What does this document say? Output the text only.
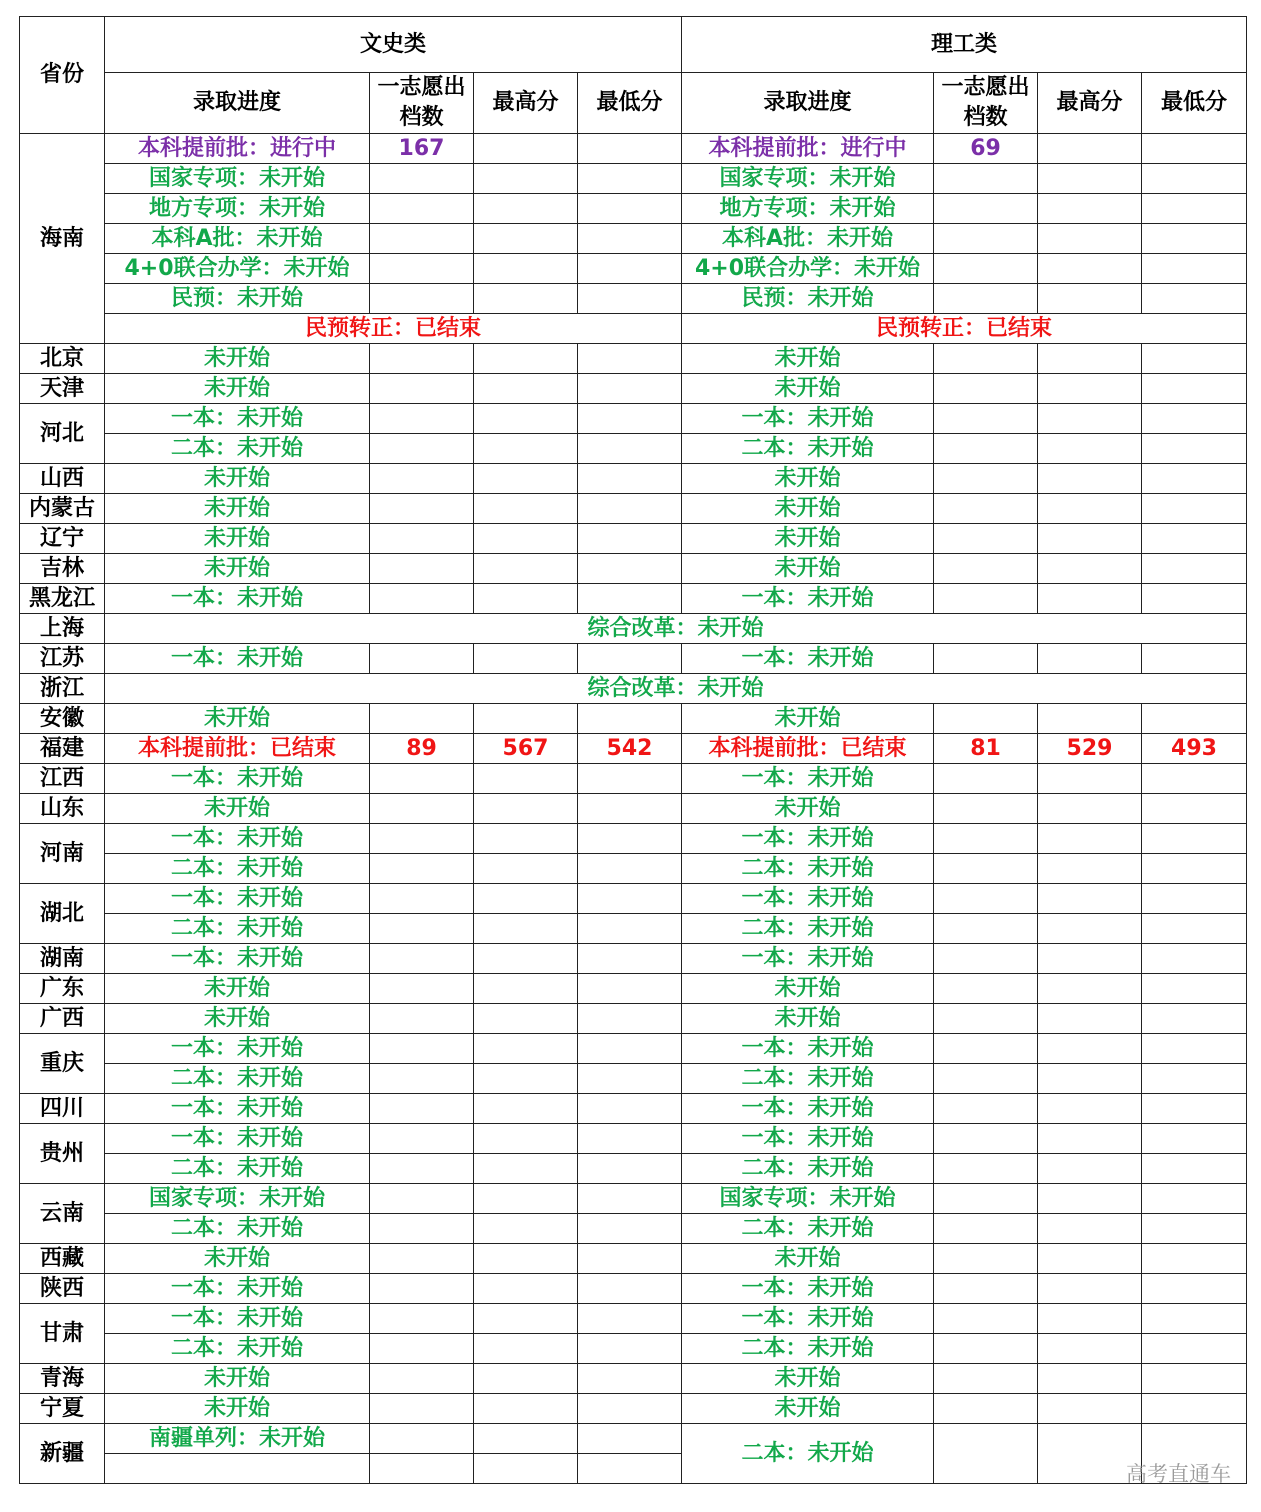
省份	文史类				理工类			
	录取进度	一志愿出档数	最高分	最低分	录取进度	一志愿出档数	最高分	最低分
海南	本科提前批：进行中	167			本科提前批：进行中	69		
	国家专项：未开始				国家专项：未开始			
	地方专项：未开始				地方专项：未开始			
	本科A批：未开始				本科A批：未开始			
	4+0联合办学：未开始				4+0联合办学：未开始			
	民预：未开始				民预：未开始			
	民预转正：已结束				民预转正：已结束			
北京	未开始				未开始			
天津	未开始				未开始			
河北	一本：未开始				一本：未开始			
	二本：未开始				二本：未开始			
山西	未开始				未开始			
内蒙古	未开始				未开始			
辽宁	未开始				未开始			
吉林	未开始				未开始			
黑龙江	一本：未开始				一本：未开始			
上海	综合改革：未开始							
江苏	一本：未开始				一本：未开始			
浙江	综合改革：未开始							
安徽	未开始				未开始			
福建	本科提前批：已结束	89	567	542	本科提前批：已结束	81	529	493
江西	一本：未开始				一本：未开始			
山东	未开始				未开始			
河南	一本：未开始				一本：未开始			
	二本：未开始				二本：未开始			
湖北	一本：未开始				一本：未开始			
	二本：未开始				二本：未开始			
湖南	一本：未开始				一本：未开始			
广东	未开始				未开始			
广西	未开始				未开始			
重庆	一本：未开始				一本：未开始			
	二本：未开始				二本：未开始			
四川	一本：未开始				一本：未开始			
贵州	一本：未开始				一本：未开始			
	二本：未开始				二本：未开始			
云南	国家专项：未开始				国家专项：未开始			
	二本：未开始				二本：未开始			
西藏	未开始				未开始			
陕西	一本：未开始				一本：未开始			
甘肃	一本：未开始				一本：未开始			
	二本：未开始				二本：未开始			
青海	未开始				未开始			
宁夏	未开始				未开始			
新疆	南疆单列：未开始				二本：未开始			

高考直通车
